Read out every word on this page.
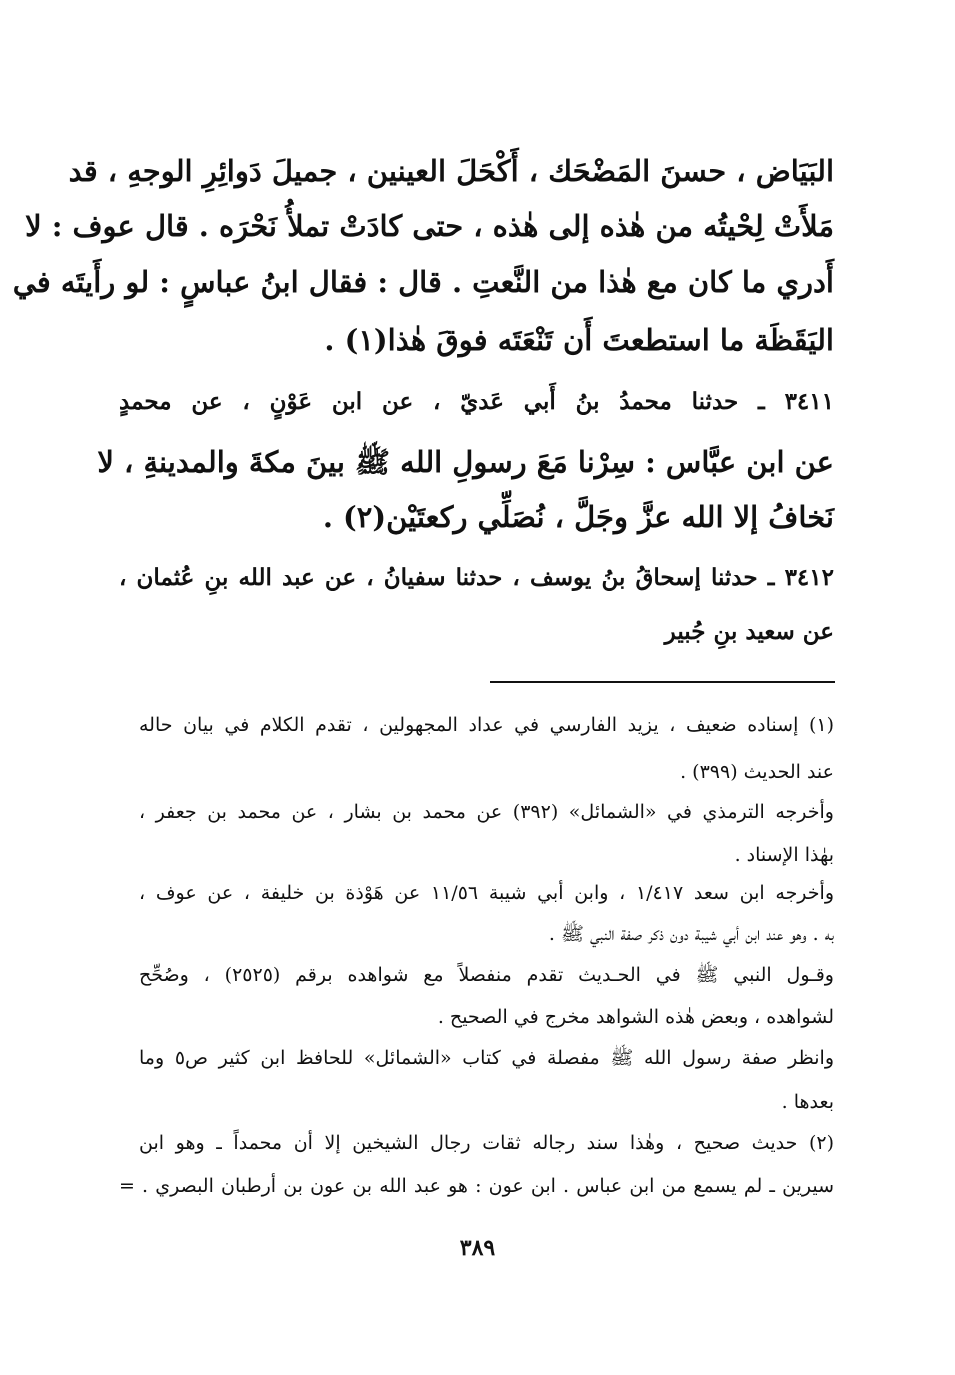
البَيَاض ، حسنَ المَضْحَك ، أَكْحَلَ العينين ، جميلَ دَوائِرِ الوجهِ ، قد
مَلأَتْ لِحْيتُه من هٰذه إلى هٰذه ، حتى كادَتْ تملأُ نَحْرَه . قال عوف : لا
أَدري ما كان مع هٰذا من النَّعتِ . قال : فقال ابنُ عباسٍ : لو رأَيتَه في
اليَقَظَة ما استطعتَ أَن تَنْعَتَه فوقَ هٰذا(١) .
٣٤١١ ـ حدثنا محمدُ بنُ أَبي عَديّ ، عن ابن عَوْنٍ ، عن محمدٍ
عن ابن عبَّاس : سِرْنا مَعَ رسولِ الله ﷺ بينَ مكةَ والمدينةِ ، لا
نَخافُ إلا الله عزَّ وجَلَّ ، نُصَلِّي ركعتَيْن(٢) .
٣٤١٢ ـ حدثنا إسحاقُ بنُ يوسف ، حدثنا سفيانُ ، عن عبد الله بنِ عُثمان ،
عن سعيد بنِ جُبير
(١) إسناده ضعيف ، يزيد الفارسي في عداد المجهولين ، تقدم الكلام في بيان حاله
عند الحديث (٣٩٩) .
وأخرجه الترمذي في «الشمائل» (٣٩٢) عن محمد بن بشار ، عن محمد بن جعفر ،
بهٰذا الإسناد .
وأخرجه ابن سعد ١/٤١٧ ، وابن أبي شيبة ١١/٥٦ عن هَوْذة بن خليفة ، عن عوف ،
به . وهو عند ابن أبي شيبة دون ذكر صفة النبي ﷺ .
وقـول النبي ﷺ في الحـديث تقدم منفصلاً مع شواهده برقم (٢٥٢٥) ، وصُحِّح
لشواهده ، وبعض هٰذه الشواهد مخرج في الصحيح .
وانظر صفة رسول الله ﷺ مفصلة في كتاب «الشمائل» للحافظ ابن كثير ص٥ وما
بعدها .
(٢) حديث صحيح ، وهٰذا سند رجاله ثقات رجال الشيخين إلا أن محمداً ـ وهو ابن
سيرين ـ لم يسمع من ابن عباس . ابن عون : هو عبد الله بن عون بن أرطبان البصري . =
٣٨٩
